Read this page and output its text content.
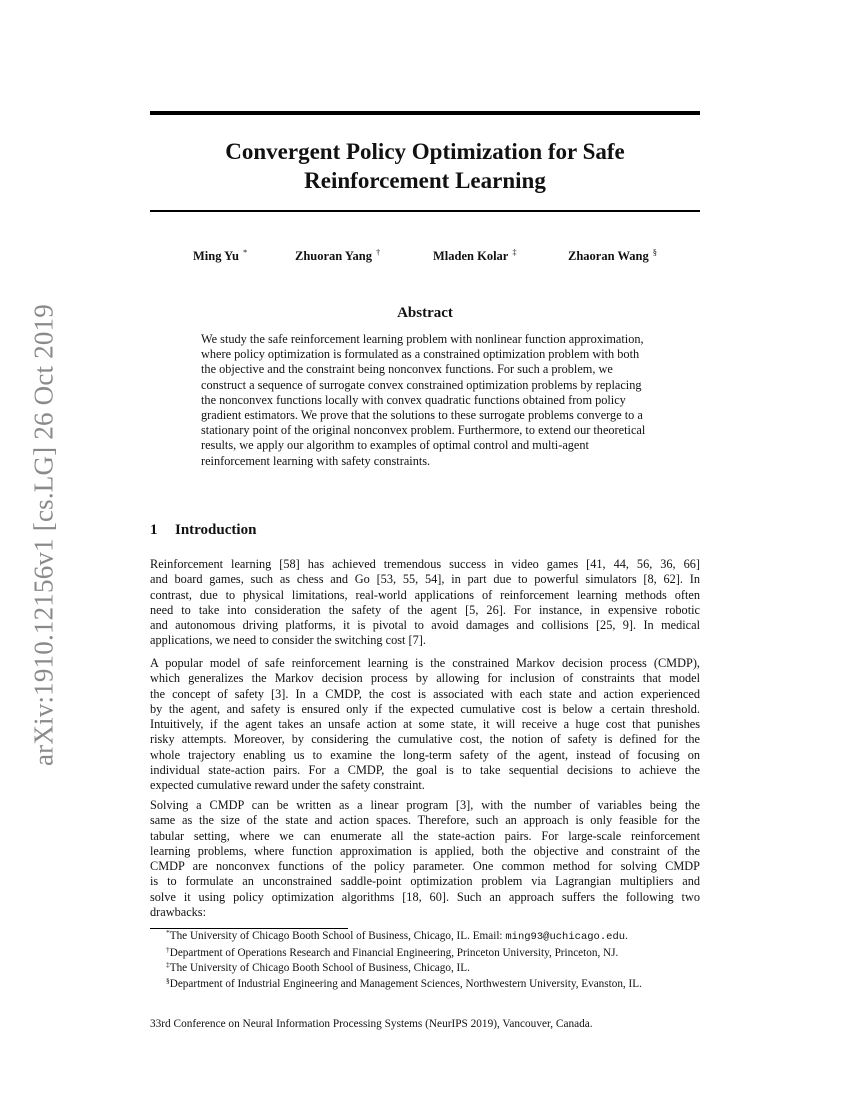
arXiv:1910.12156v1 [cs.LG] 26 Oct 2019
Convergent Policy Optimization for Safe
Reinforcement Learning
Ming Yu *	Zhuoran Yang †	Mladen Kolar ‡	Zhaoran Wang §
Abstract
We study the safe reinforcement learning problem with nonlinear function approximation, where policy optimization is formulated as a constrained optimization problem with both the objective and the constraint being nonconvex functions. For such a problem, we construct a sequence of surrogate convex constrained optimization problems by replacing the nonconvex functions locally with convex quadratic functions obtained from policy gradient estimators. We prove that the solutions to these surrogate problems converge to a stationary point of the original nonconvex problem. Furthermore, to extend our theoretical results, we apply our algorithm to examples of optimal control and multi-agent reinforcement learning with safety constraints.
1 Introduction
Reinforcement learning [58] has achieved tremendous success in video games [41, 44, 56, 36, 66]
and board games, such as chess and Go [53, 55, 54], in part due to powerful simulators [8, 62]. In
contrast, due to physical limitations, real-world applications of reinforcement learning methods often
need to take into consideration the safety of the agent [5, 26]. For instance, in expensive robotic
and autonomous driving platforms, it is pivotal to avoid damages and collisions [25, 9]. In medical
applications, we need to consider the switching cost [7].
A popular model of safe reinforcement learning is the constrained Markov decision process (CMDP),
which generalizes the Markov decision process by allowing for inclusion of constraints that model
the concept of safety [3]. In a CMDP, the cost is associated with each state and action experienced
by the agent, and safety is ensured only if the expected cumulative cost is below a certain threshold.
Intuitively, if the agent takes an unsafe action at some state, it will receive a huge cost that punishes
risky attempts. Moreover, by considering the cumulative cost, the notion of safety is defined for the
whole trajectory enabling us to examine the long-term safety of the agent, instead of focusing on
individual state-action pairs. For a CMDP, the goal is to take sequential decisions to achieve the
expected cumulative reward under the safety constraint.
Solving a CMDP can be written as a linear program [3], with the number of variables being the
same as the size of the state and action spaces. Therefore, such an approach is only feasible for the
tabular setting, where we can enumerate all the state-action pairs. For large-scale reinforcement
learning problems, where function approximation is applied, both the objective and constraint of the
CMDP are nonconvex functions of the policy parameter. One common method for solving CMDP
is to formulate an unconstrained saddle-point optimization problem via Lagrangian multipliers and
solve it using policy optimization algorithms [18, 60]. Such an approach suffers the following two
drawbacks:
*The University of Chicago Booth School of Business, Chicago, IL. Email: ming93@uchicago.edu.
†Department of Operations Research and Financial Engineering, Princeton University, Princeton, NJ.
‡The University of Chicago Booth School of Business, Chicago, IL.
§Department of Industrial Engineering and Management Sciences, Northwestern University, Evanston, IL.
33rd Conference on Neural Information Processing Systems (NeurIPS 2019), Vancouver, Canada.
